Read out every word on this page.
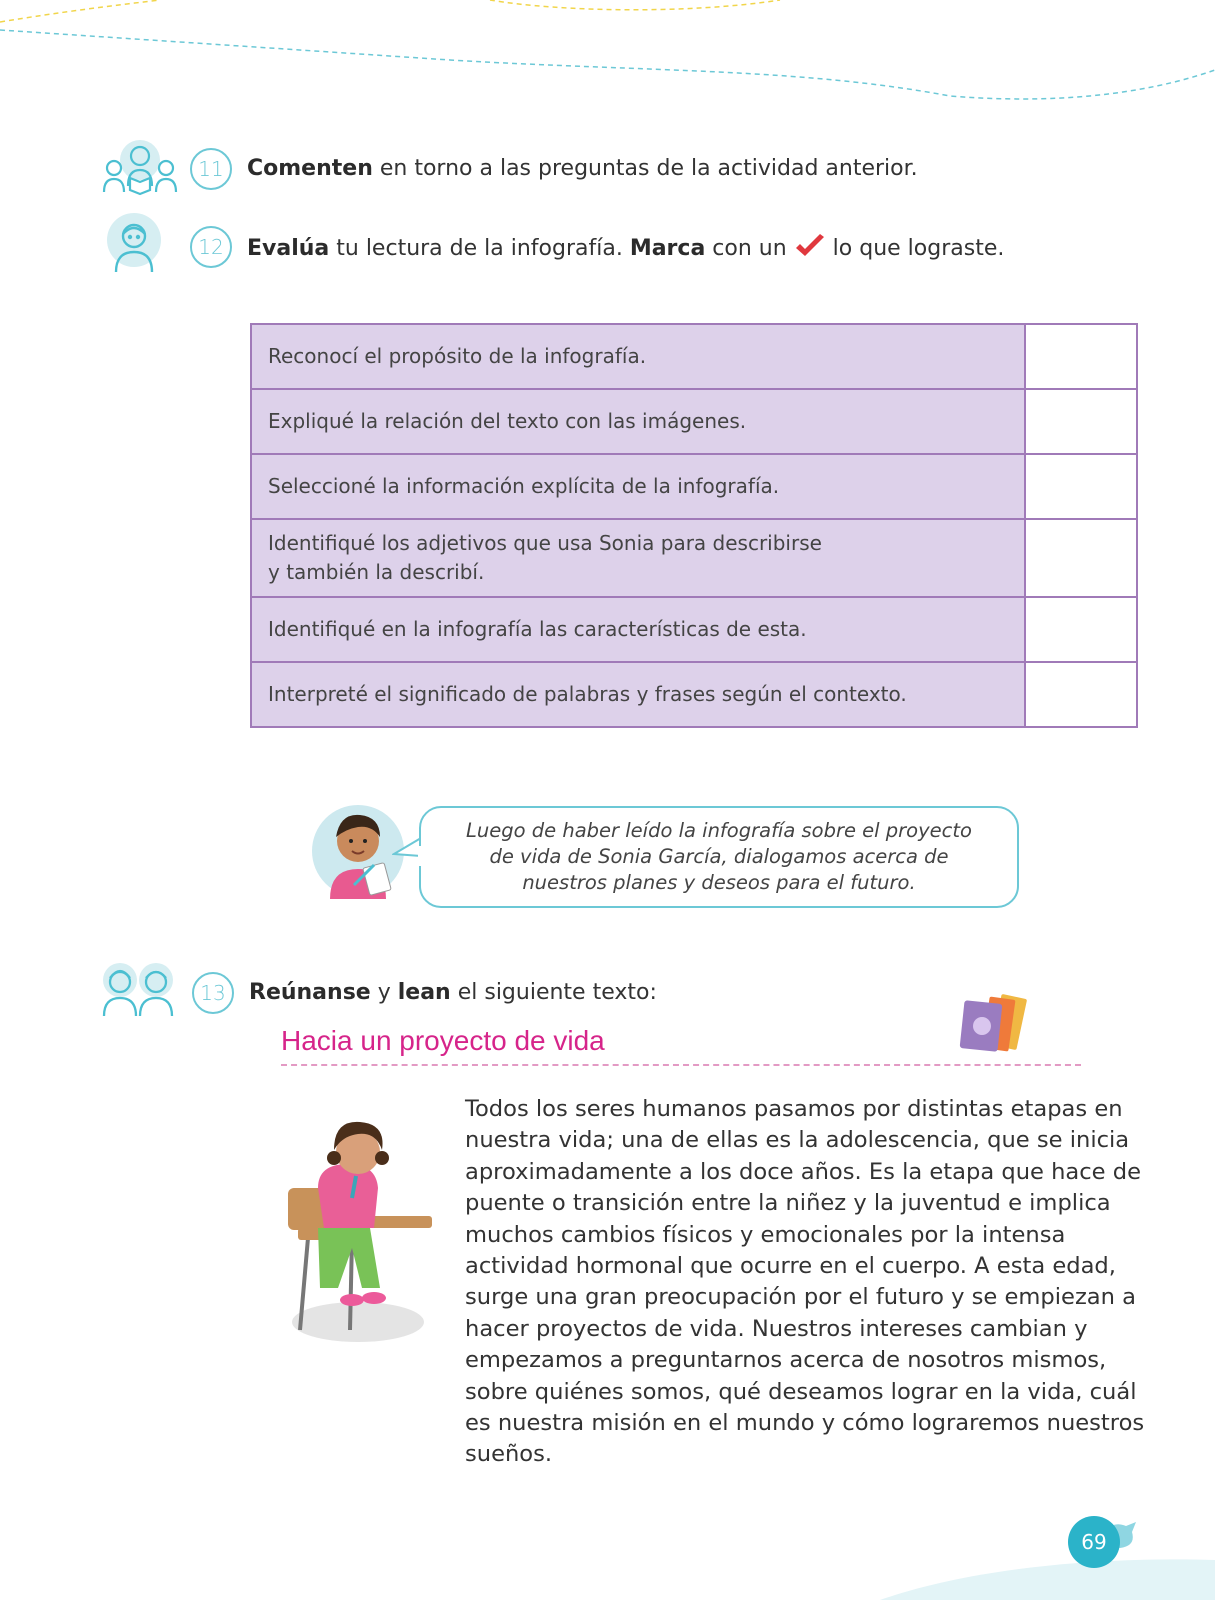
11	Comenten en torno a las preguntas de la actividad anterior.
12	Evalúa tu lectura de la infografía. Marca con un  lo que lograste.
Reconocí el propósito de la infografía.	
Expliqué la relación del texto con las imágenes.	
Seleccioné la información explícita de la infografía.	
Identifiqué los adjetivos que usa Sonia para describirse
y también la describí.	
Identifiqué en la infografía las características de esta.	
Interpreté el significado de palabras y frases según el contexto.	
Luego de haber leído la infografía sobre el proyecto
de vida de Sonia García, dialogamos acerca de
nuestros planes y deseos para el futuro.
13	Reúnanse y lean el siguiente texto:
Hacia un proyecto de vida
Todos los seres humanos pasamos por distintas etapas en nuestra vida; una de ellas es la adolescencia, que se inicia aproximadamente a los doce años. Es la etapa que hace de puente o transición entre la niñez y la juventud e implica muchos cambios físicos y emocionales por la intensa actividad hormonal que ocurre en el cuerpo. A esta edad, surge una gran preocupación por el futuro y se empiezan a hacer proyectos de vida. Nuestros intereses cambian y empezamos a preguntarnos acerca de nosotros mismos, sobre quiénes somos, qué deseamos lograr en la vida, cuál es nuestra misión en el mundo y cómo lograremos nuestros sueños.
69
